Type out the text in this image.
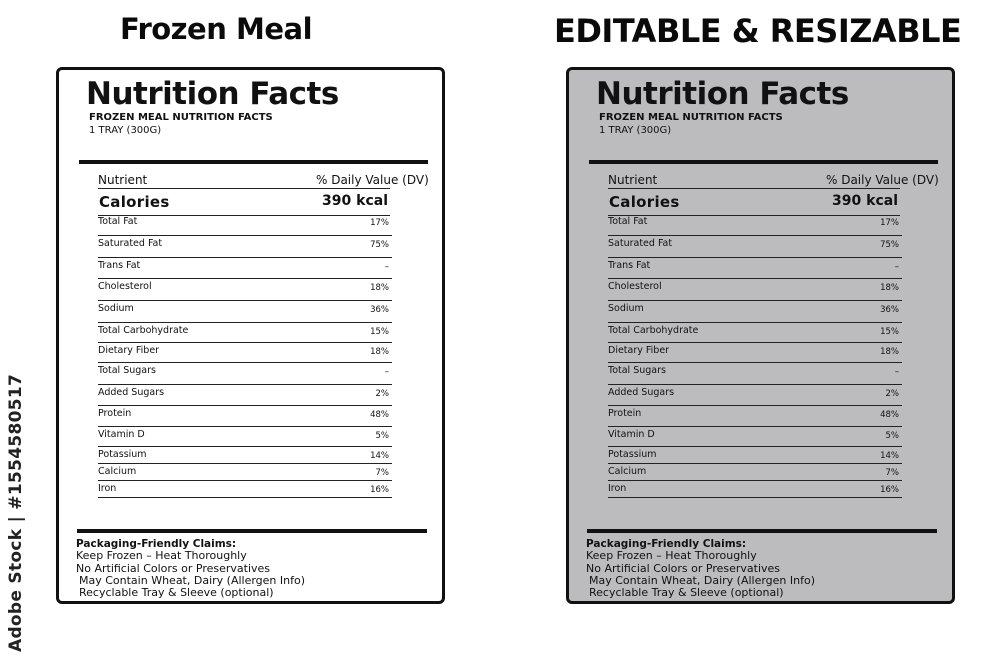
Frozen Meal	EDITABLE & RESIZABLE
Nutrition Facts
FROZEN MEAL NUTRITION FACTS
1 TRAY (300G)
Nutrient	% Daily Value (DV)
Calories	390 kcal
Total Fat	17%
Saturated Fat	75%
Trans Fat	–
Cholesterol	18%
Sodium	36%
Total Carbohydrate	15%
Dietary Fiber	18%
Total Sugars	–
Added Sugars	2%
Protein	48%
Vitamin D	5%
Potassium	14%
Calcium	7%
Iron	16%
Packaging-Friendly Claims:
Keep Frozen – Heat Thoroughly
No Artificial Colors or Preservatives
May Contain Wheat, Dairy (Allergen Info)
Recyclable Tray & Sleeve (optional)
Nutrition Facts
FROZEN MEAL NUTRITION FACTS
1 TRAY (300G)
Nutrient	% Daily Value (DV)
Calories	390 kcal
Total Fat	17%
Saturated Fat	75%
Trans Fat	–
Cholesterol	18%
Sodium	36%
Total Carbohydrate	15%
Dietary Fiber	18%
Total Sugars	–
Added Sugars	2%
Protein	48%
Vitamin D	5%
Potassium	14%
Calcium	7%
Iron	16%
Packaging-Friendly Claims:
Keep Frozen – Heat Thoroughly
No Artificial Colors or Preservatives
May Contain Wheat, Dairy (Allergen Info)
Recyclable Tray & Sleeve (optional)
Adobe Stock | #1554580517
